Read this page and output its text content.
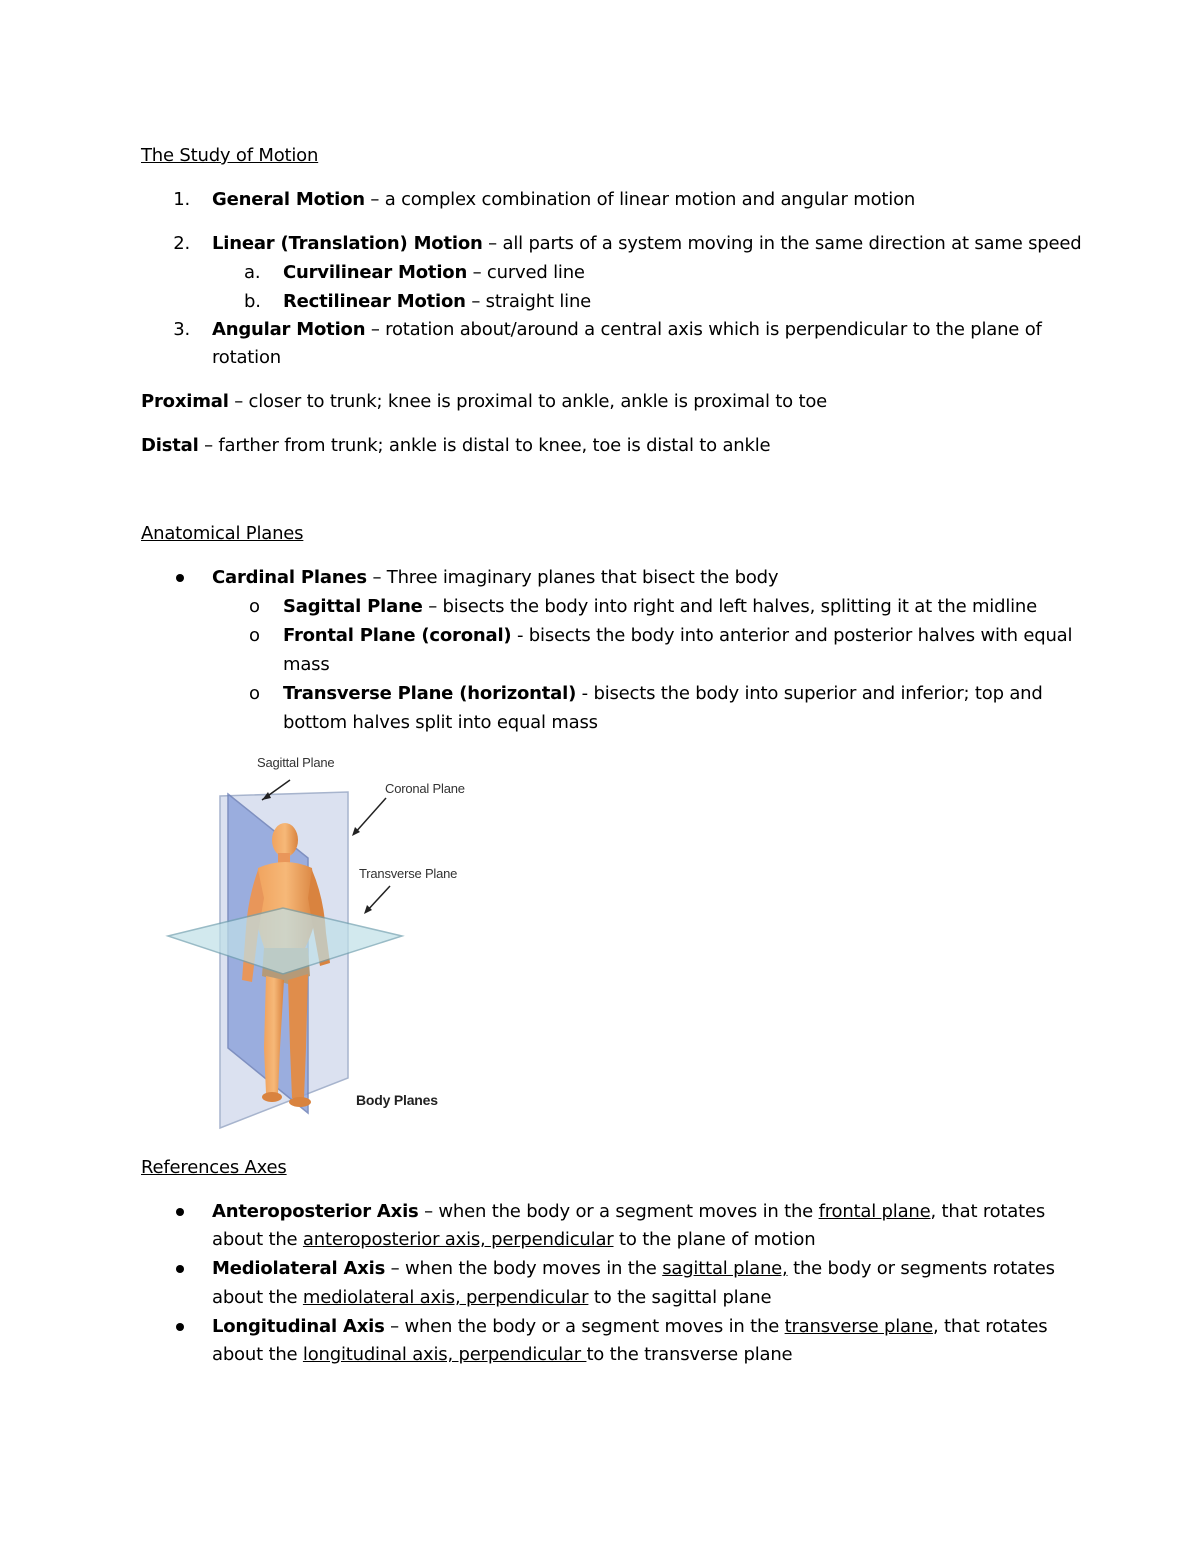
The Study of Motion
1. General Motion – a complex combination of linear motion and angular motion
2. Linear (Translation) Motion – all parts of a system moving in the same direction at same speed
a. Curvilinear Motion – curved line
b. Rectilinear Motion – straight line
3. Angular Motion – rotation about/around a central axis which is perpendicular to the plane of
rotation
Proximal – closer to trunk; knee is proximal to ankle, ankle is proximal to toe
Distal – farther from trunk; ankle is distal to knee, toe is distal to ankle
Anatomical Planes
Cardinal Planes – Three imaginary planes that bisect the body
o Sagittal Plane – bisects the body into right and left halves, splitting it at the midline
o Frontal Plane (coronal) - bisects the body into anterior and posterior halves with equal
mass
o Transverse Plane (horizontal) - bisects the body into superior and inferior; top and
bottom halves split into equal mass
Sagittal Plane
Coronal Plane
Transverse Plane
Body Planes
References Axes
Anteroposterior Axis – when the body or a segment moves in the frontal plane, that rotates
about the anteroposterior axis, perpendicular to the plane of motion
Mediolateral Axis – when the body moves in the sagittal plane, the body or segments rotates
about the mediolateral axis, perpendicular to the sagittal plane
Longitudinal Axis – when the body or a segment moves in the transverse plane, that rotates
about the longitudinal axis, perpendicular to the transverse plane
